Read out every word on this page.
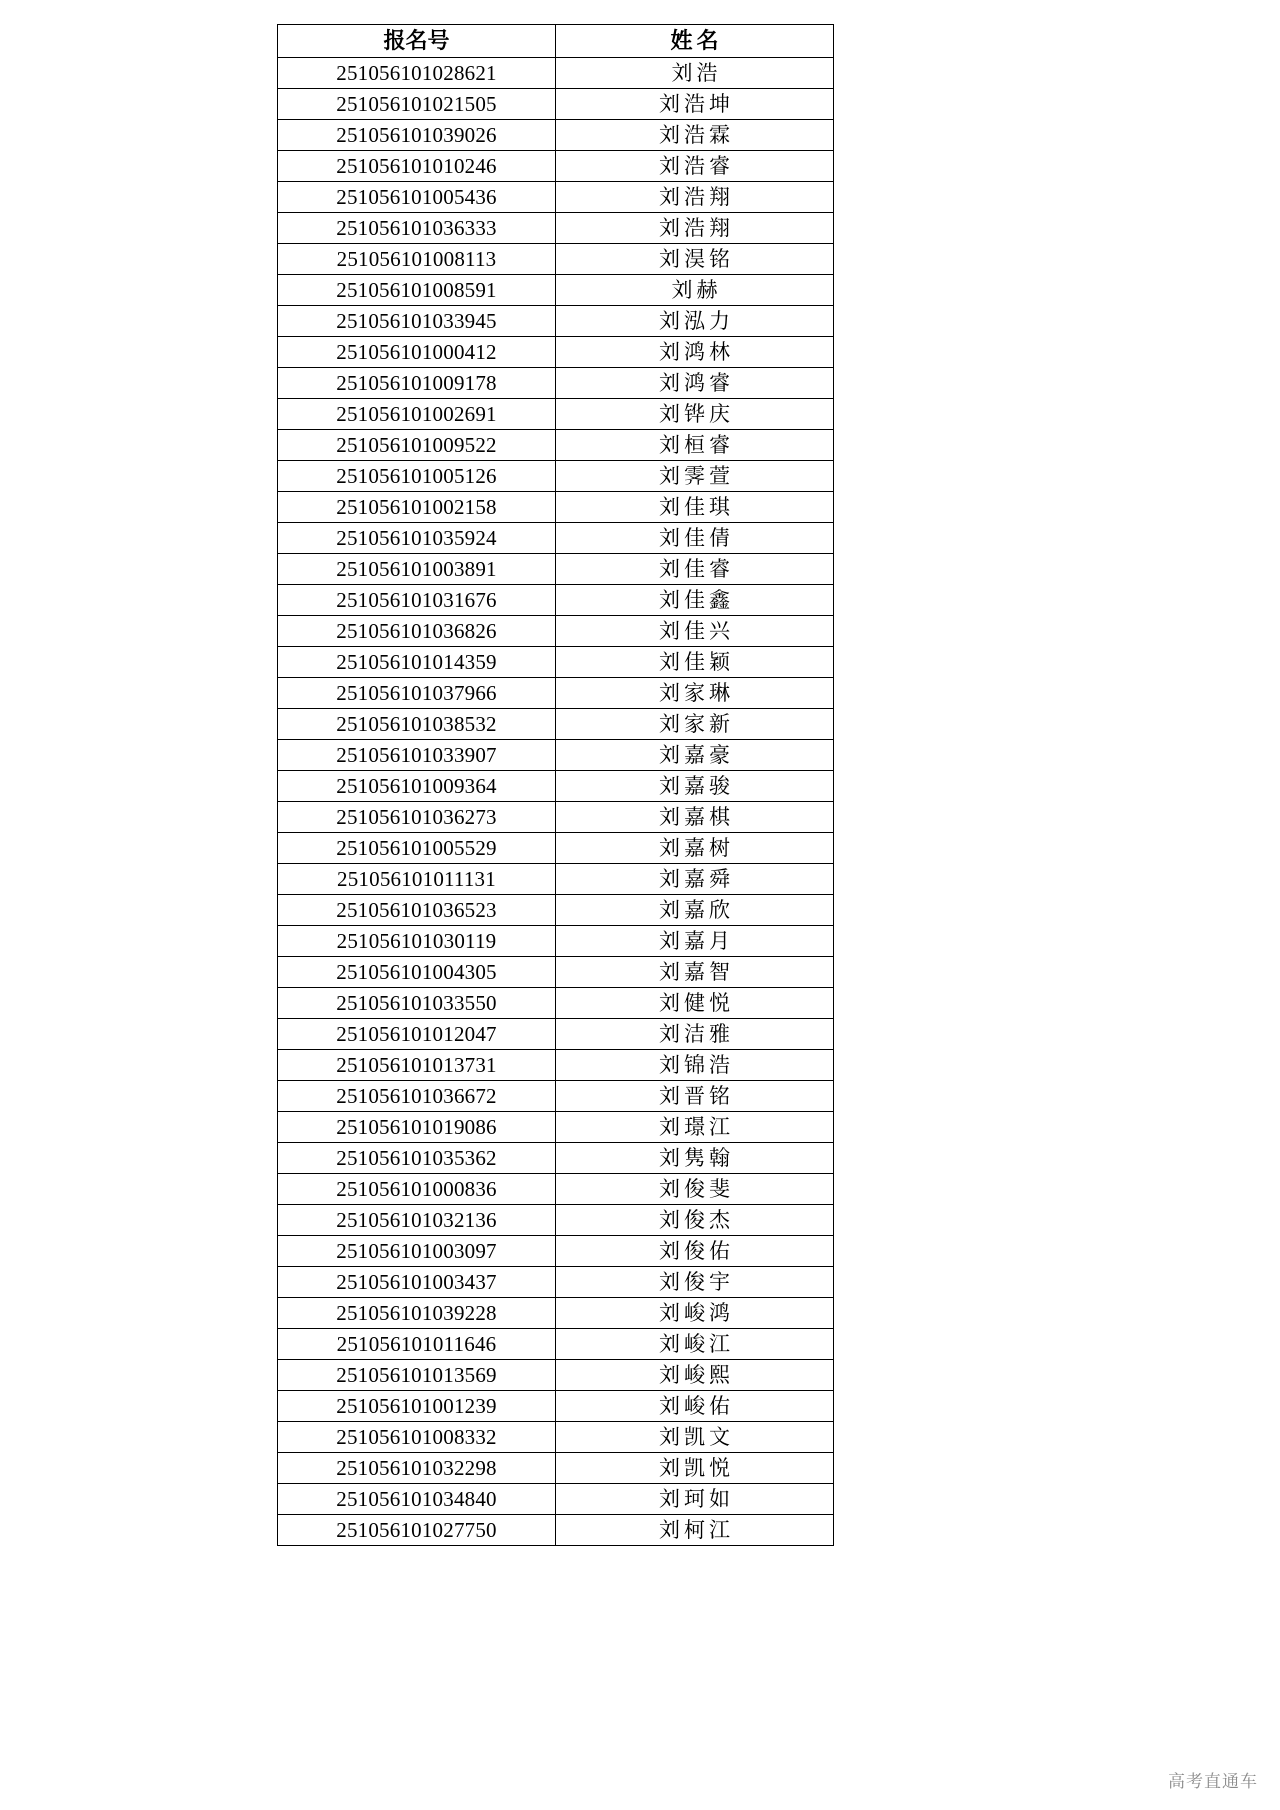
报名号	姓名
251056101028621	刘浩
251056101021505	刘浩坤
251056101039026	刘浩霖
251056101010246	刘浩睿
251056101005436	刘浩翔
251056101036333	刘浩翔
251056101008113	刘淏铭
251056101008591	刘赫
251056101033945	刘泓力
251056101000412	刘鸿林
251056101009178	刘鸿睿
251056101002691	刘铧庆
251056101009522	刘桓睿
251056101005126	刘霁萱
251056101002158	刘佳琪
251056101035924	刘佳倩
251056101003891	刘佳睿
251056101031676	刘佳鑫
251056101036826	刘佳兴
251056101014359	刘佳颖
251056101037966	刘家琳
251056101038532	刘家新
251056101033907	刘嘉豪
251056101009364	刘嘉骏
251056101036273	刘嘉棋
251056101005529	刘嘉树
251056101011131	刘嘉舜
251056101036523	刘嘉欣
251056101030119	刘嘉月
251056101004305	刘嘉智
251056101033550	刘健悦
251056101012047	刘洁雅
251056101013731	刘锦浩
251056101036672	刘晋铭
251056101019086	刘璟江
251056101035362	刘隽翰
251056101000836	刘俊斐
251056101032136	刘俊杰
251056101003097	刘俊佑
251056101003437	刘俊宇
251056101039228	刘峻鸿
251056101011646	刘峻江
251056101013569	刘峻熙
251056101001239	刘峻佑
251056101008332	刘凯文
251056101032298	刘凯悦
251056101034840	刘珂如
251056101027750	刘柯江
高考直通车
